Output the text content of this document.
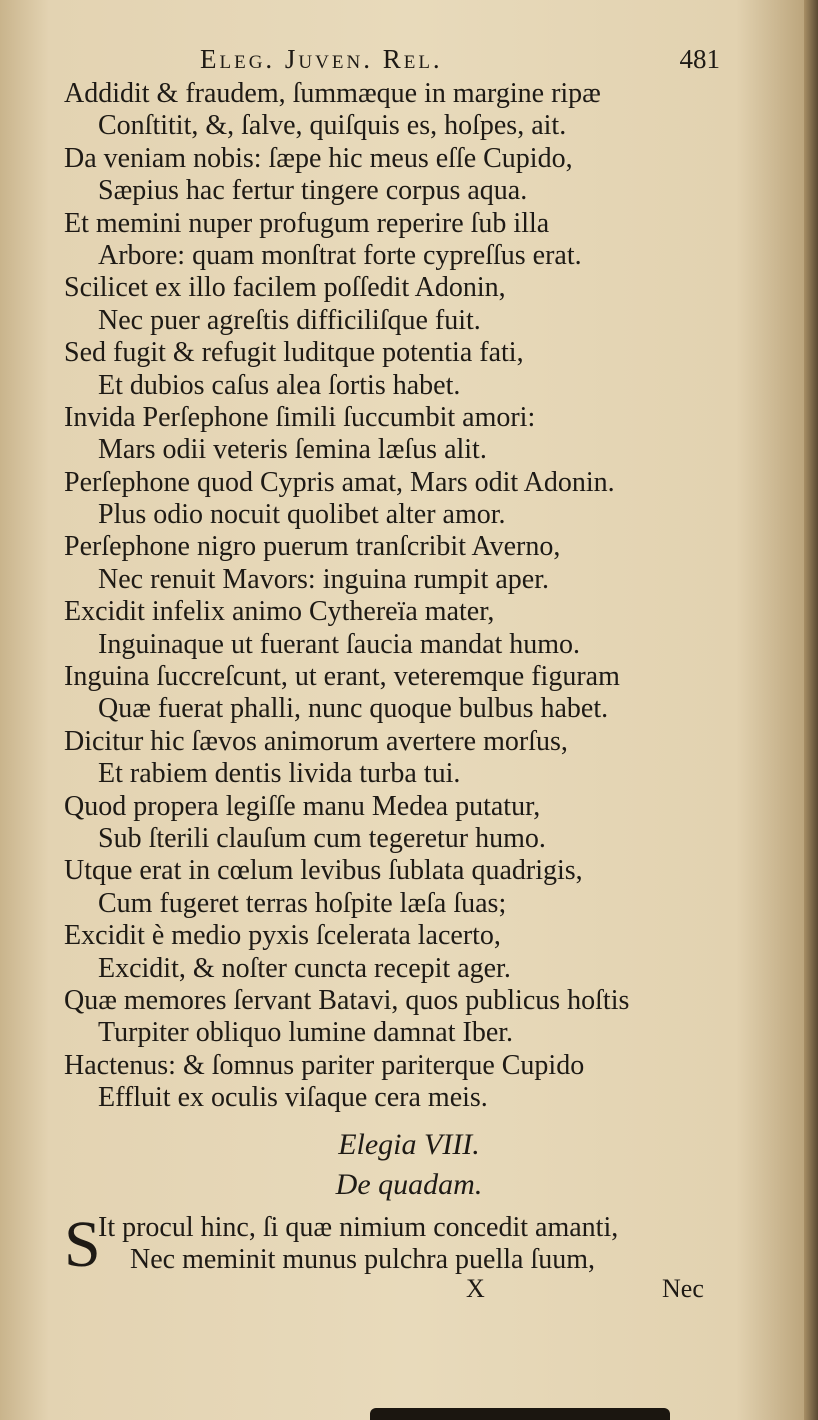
Eleg. Juven. Rel.	481
Addidit & fraudem, ſummæque in margine ripæ
Conſtitit, &, ſalve, quiſquis es, hoſpes, ait.
Da veniam nobis: ſæpe hic meus eſſe Cupido,
Sæpius hac fertur tingere corpus aqua.
Et memini nuper profugum reperire ſub illa
Arbore: quam monſtrat forte cypreſſus erat.
Scilicet ex illo facilem poſſedit Adonin,
Nec puer agreſtis difficiliſque fuit.
Sed fugit & refugit luditque potentia fati,
Et dubios caſus alea ſortis habet.
Invida Perſephone ſimili ſuccumbit amori:
Mars odii veteris ſemina læſus alit.
Perſephone quod Cypris amat, Mars odit Adonin.
Plus odio nocuit quolibet alter amor.
Perſephone nigro puerum tranſcribit Averno,
Nec renuit Mavors: inguina rumpit aper.
Excidit infelix animo Cythereïa mater,
Inguinaque ut fuerant ſaucia mandat humo.
Inguina ſuccreſcunt, ut erant, veteremque figuram
Quæ fuerat phalli, nunc quoque bulbus habet.
Dicitur hic ſævos animorum avertere morſus,
Et rabiem dentis livida turba tui.
Quod propera legiſſe manu Medea putatur,
Sub ſterili clauſum cum tegeretur humo.
Utque erat in cœlum levibus ſublata quadrigis,
Cum fugeret terras hoſpite læſa ſuas;
Excidit è medio pyxis ſcelerata lacerto,
Excidit, & noſter cuncta recepit ager.
Quæ memores ſervant Batavi, quos publicus hoſtis
Turpiter obliquo lumine damnat Iber.
Hactenus: & ſomnus pariter pariterque Cupido
Effluit ex oculis viſaque cera meis.
Elegia VIII.
De quadam.
S
It procul hinc, ſi quæ nimium concedit amanti,
Nec meminit munus pulchra puella ſuum,
X	Nec
